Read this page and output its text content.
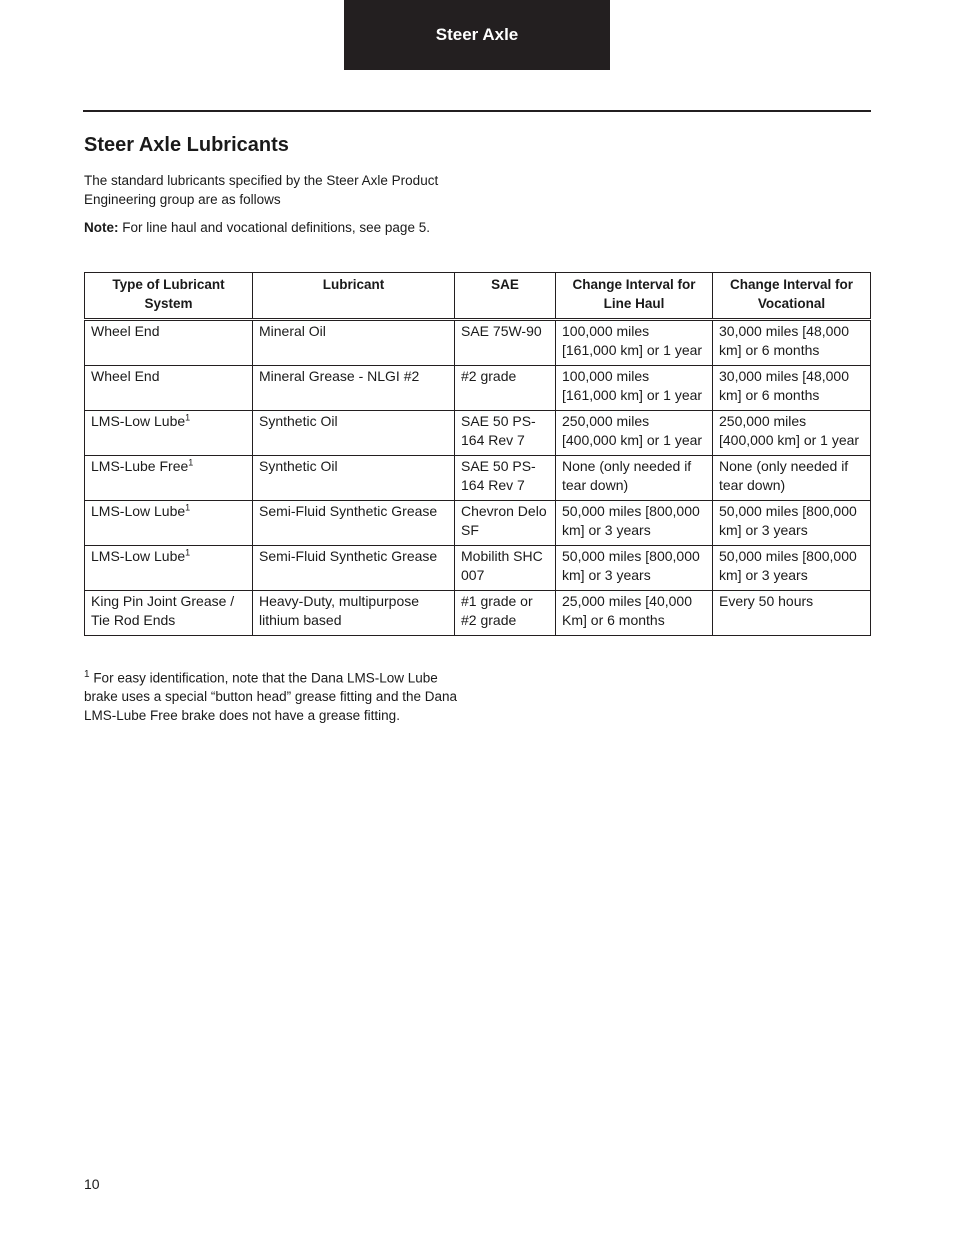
Steer Axle
Steer Axle Lubricants

The standard lubricants specified by the Steer Axle Product Engineering group are as follows

Note: For line haul and vocational definitions, see page 5.

Type of Lubricant System	Lubricant	SAE	Change Interval for Line Haul	Change Interval for Vocational
Wheel End	Mineral Oil	SAE 75W-90	100,000 miles [161,000 km] or 1 year	30,000 miles [48,000 km] or 6 months
Wheel End	Mineral Grease - NLGI #2	#2 grade	100,000 miles [161,000 km] or 1 year	30,000 miles [48,000 km] or 6 months
LMS-Low Lube$^1$	Synthetic Oil	SAE 50 PS-164 Rev 7	250,000 miles [400,000 km] or 1 year	250,000 miles [400,000 km] or 1 year
LMS-Lube Free$^1$	Synthetic Oil	SAE 50 PS-164 Rev 7	None (only needed if tear down)	None (only needed if tear down)
LMS-Low Lube$^1$	Semi-Fluid Synthetic Grease	Chevron Delo SF	50,000 miles [800,000 km] or 3 years	50,000 miles [800,000 km] or 3 years
LMS-Low Lube$^1$	Semi-Fluid Synthetic Grease	Mobilith SHC 007	50,000 miles [800,000 km] or 3 years	50,000 miles [800,000 km] or 3 years
King Pin Joint Grease / Tie Rod Ends	Heavy-Duty, multipurpose lithium based	#1 grade or #2 grade	25,000 miles [40,000 Km] or 6 months	Every 50 hours

$^1$ For easy identification, note that the Dana LMS-Low Lube brake uses a special “button head” grease fitting and the Dana LMS-Lube Free brake does not have a grease fitting.

10
